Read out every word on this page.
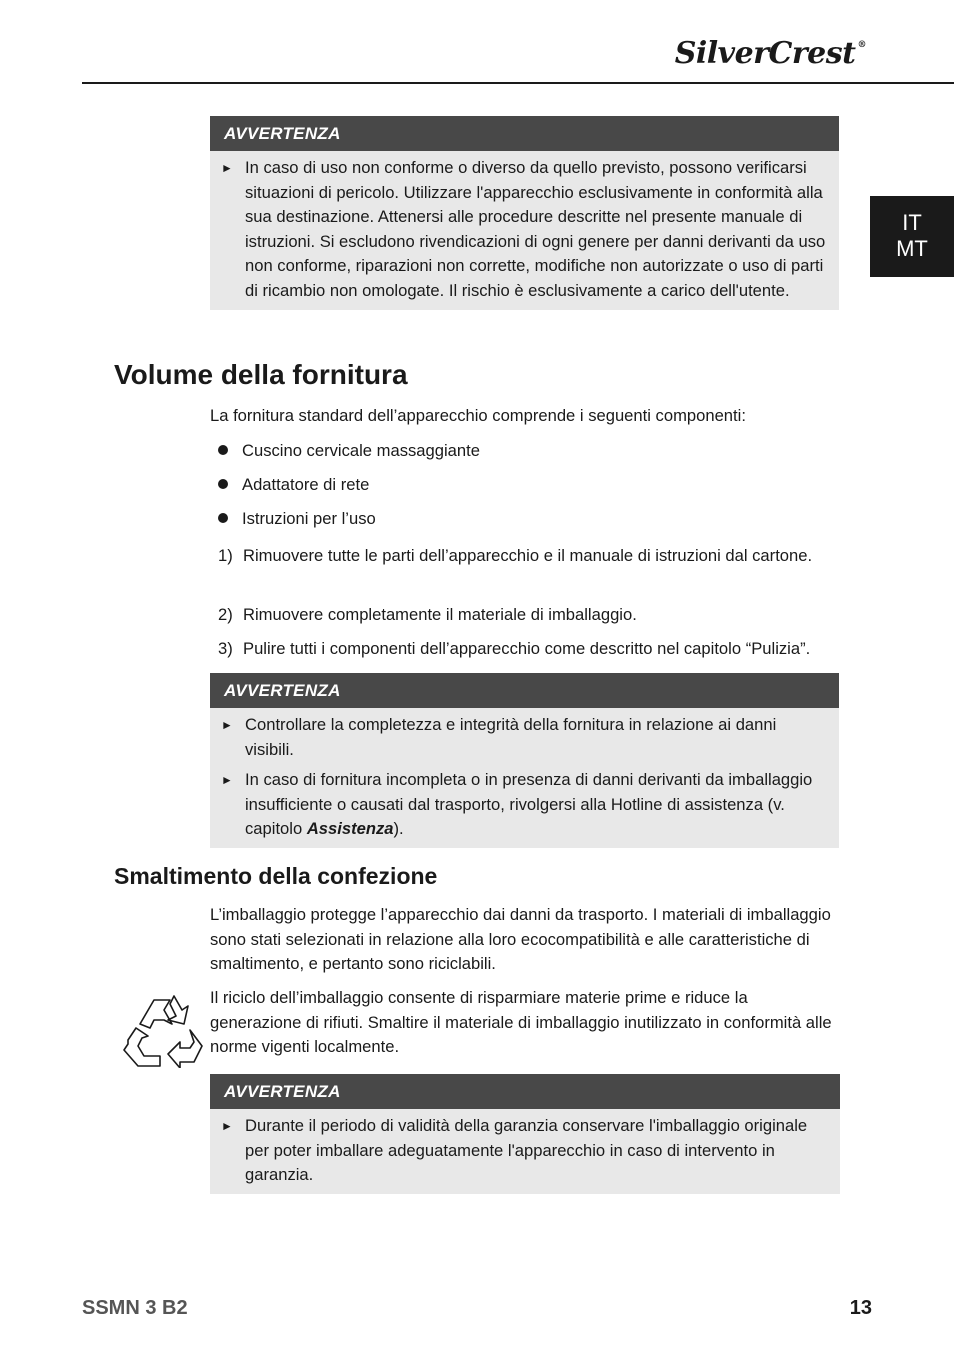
SilverCrest ®
IT
MT
AVVERTENZA
► In caso di uso non conforme o diverso da quello previsto, possono verificarsi situazioni di pericolo. Utilizzare l'apparecchio esclusivamente in conformità alla sua destinazione. Attenersi alle procedure descritte nel presente manuale di istruzioni. Si escludono rivendicazioni di ogni genere per danni derivanti da uso non conforme, riparazioni non corrette, modifiche non autorizzate o uso di parti di ricambio non omologate. Il rischio è esclusivamente a carico dell'utente.
Volume della fornitura
La fornitura standard dell’apparecchio comprende i seguenti componenti:
Cuscino cervicale massaggiante
Adattatore di rete
Istruzioni per l’uso
1) Rimuovere tutte le parti dell’apparecchio e il manuale di istruzioni dal cartone.
2) Rimuovere completamente il materiale di imballaggio.
3) Pulire tutti i componenti dell’apparecchio come descritto nel capitolo “Pulizia”.
AVVERTENZA
► Controllare la completezza e integrità della fornitura in relazione ai danni visibili.
► In caso di fornitura incompleta o in presenza di danni derivanti da imballaggio insufficiente o causati dal trasporto, rivolgersi alla Hotline di assistenza (v. capitolo Assistenza).
Smaltimento della confezione
L’imballaggio protegge l’apparecchio dai danni da trasporto. I materiali di imballaggio sono stati selezionati in relazione alla loro ecocompatibilità e alle caratteristiche di smaltimento, e pertanto sono riciclabili.
Il riciclo dell’imballaggio consente di risparmiare materie prime e riduce la generazione di rifiuti. Smaltire il materiale di imballaggio inutilizzato in conformità alle norme vigenti localmente.
AVVERTENZA
► Durante il periodo di validità della garanzia conservare l'imballaggio originale per poter imballare adeguatamente l'apparecchio in caso di intervento in garanzia.
SSMN 3 B2	13
